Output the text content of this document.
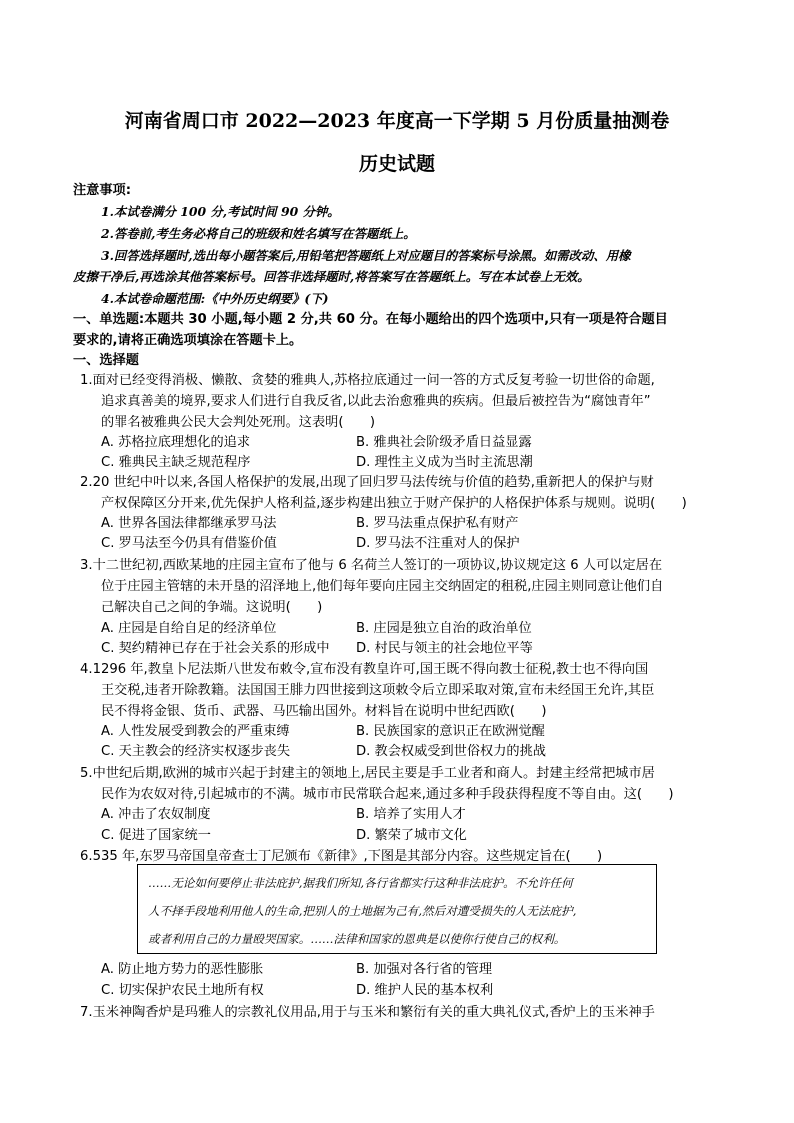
河南省周口市 2022—2023 年度高一下学期 5 月份质量抽测卷
历史试题
注意事项:
1.本试卷满分 100 分,考试时间 90 分钟。
2.答卷前,考生务必将自己的班级和姓名填写在答题纸上。
3.回答选择题时,选出每小题答案后,用铅笔把答题纸上对应题目的答案标号涂黑。如需改动、用橡
皮擦干净后,再选涂其他答案标号。回答非选择题时,将答案写在答题纸上。写在本试卷上无效。
4.本试卷命题范围:《中外历史纲要》(下)
一、单选题:本题共 30 小题,每小题 2 分,共 60 分。在每小题给出的四个选项中,只有一项是符合题目
要求的,请将正确选项填涂在答题卡上。
一、选择题
1.面对已经变得消极、懒散、贪婪的雅典人,苏格拉底通过一问一答的方式反复考验一切世俗的命题,
追求真善美的境界,要求人们进行自我反省,以此去治愈雅典的疾病。但最后被控告为“腐蚀青年”
的罪名被雅典公民大会判处死刑。这表明(　　)
A. 苏格拉底理想化的追求	B. 雅典社会阶级矛盾日益显露
C. 雅典民主缺乏规范程序	D. 理性主义成为当时主流思潮
2.20 世纪中叶以来,各国人格保护的发展,出现了回归罗马法传统与价值的趋势,重新把人的保护与财
产权保障区分开来,优先保护人格利益,逐步构建出独立于财产保护的人格保护体系与规则。说明(　　)
A. 世界各国法律都继承罗马法	B. 罗马法重点保护私有财产
C. 罗马法至今仍具有借鉴价值	D. 罗马法不注重对人的保护
3.十二世纪初,西欧某地的庄园主宣布了他与 6 名荷兰人签订的一项协议,协议规定这 6 人可以定居在
位于庄园主管辖的未开垦的沼泽地上,他们每年要向庄园主交纳固定的租税,庄园主则同意让他们自
己解决自己之间的争端。这说明(　　)
A. 庄园是自给自足的经济单位	B. 庄园是独立自治的政治单位
C. 契约精神已存在于社会关系的形成中 D. 村民与领主的社会地位平等
4.1296 年,教皇卜尼法斯八世发布敕令,宣布没有教皇许可,国王既不得向教士征税,教士也不得向国
王交税,违者开除教籍。法国国王腓力四世接到这项敕令后立即采取对策,宣布未经国王允许,其臣
民不得将金银、货币、武器、马匹输出国外。材料旨在说明中世纪西欧(　　)
A. 人性发展受到教会的严重束缚	B. 民族国家的意识正在欧洲觉醒
C. 天主教会的经济实权逐步丧失	D. 教会权威受到世俗权力的挑战
5.中世纪后期,欧洲的城市兴起于封建主的领地上,居民主要是手工业者和商人。封建主经常把城市居
民作为农奴对待,引起城市的不满。城市市民常联合起来,通过多种手段获得程度不等自由。这(　　)
A. 冲击了农奴制度	B. 培养了实用人才
C. 促进了国家统一	D. 繁荣了城市文化
6.535 年,东罗马帝国皇帝查士丁尼颁布《新律》,下图是其部分内容。这些规定旨在(　　)
……无论如何要停止非法庇护,据我们所知,各行省都实行这种非法庇护。不允许任何
人不择手段地利用他人的生命,把别人的土地据为己有,然后对遭受损失的人无法庇护,
或者利用自己的力量殴哭国家。……法律和国家的恩典是以使你行使自己的权利。
A. 防止地方势力的恶性膨胀	B. 加强对各行省的管理
C. 切实保护农民土地所有权	D. 维护人民的基本权利
7.玉米神陶香炉是玛雅人的宗教礼仪用品,用于与玉米和繁衍有关的重大典礼仪式,香炉上的玉米神手
